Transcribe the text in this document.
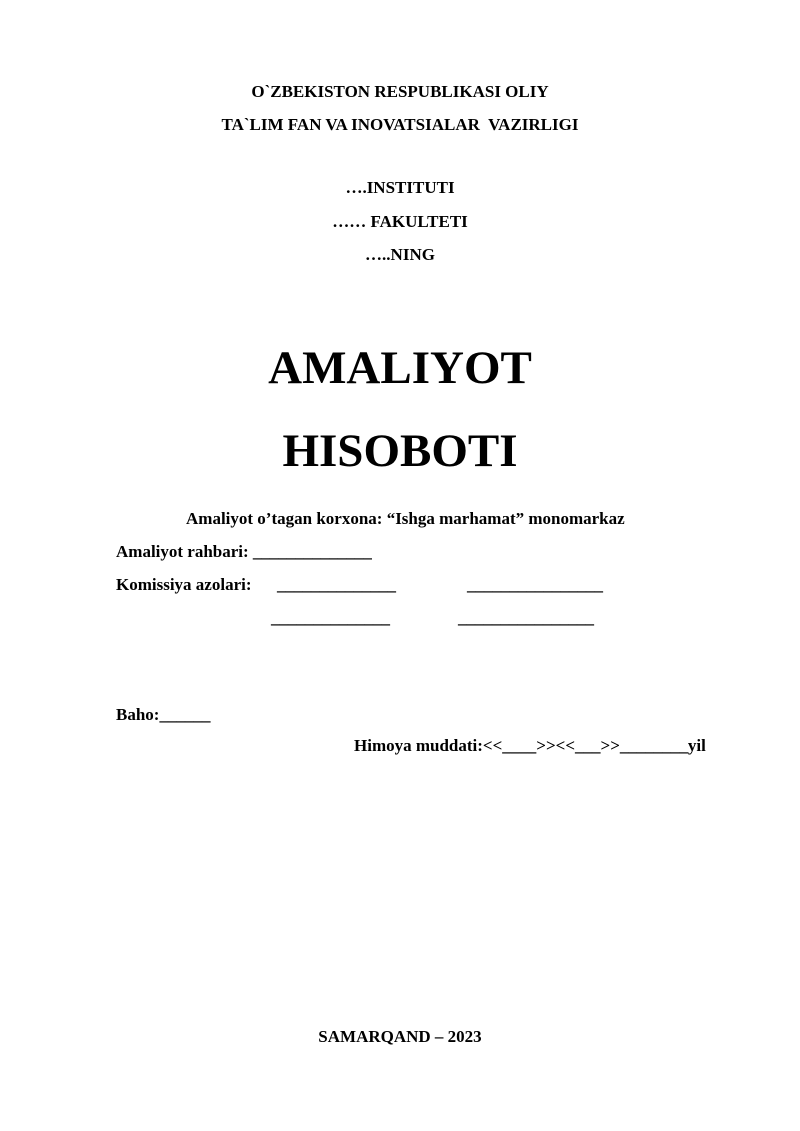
O`ZBEKISTON RESPUBLIKASI OLIY
TA`LIM FAN VA INOVATSIALAR  VAZIRLIGI
….INSTITUTI
…… FAKULTETI
…..NING
AMALIYOT
HISOBOTI
Amaliyot o’tagan korxona: “Ishga marhamat” monomarkaz
Amaliyot rahbari: ______________
Komissiya azolari: ______________	________________
______________	________________
Baho:______
Himoya muddati:<<____>><<___>>________yil
SAMARQAND – 2023
